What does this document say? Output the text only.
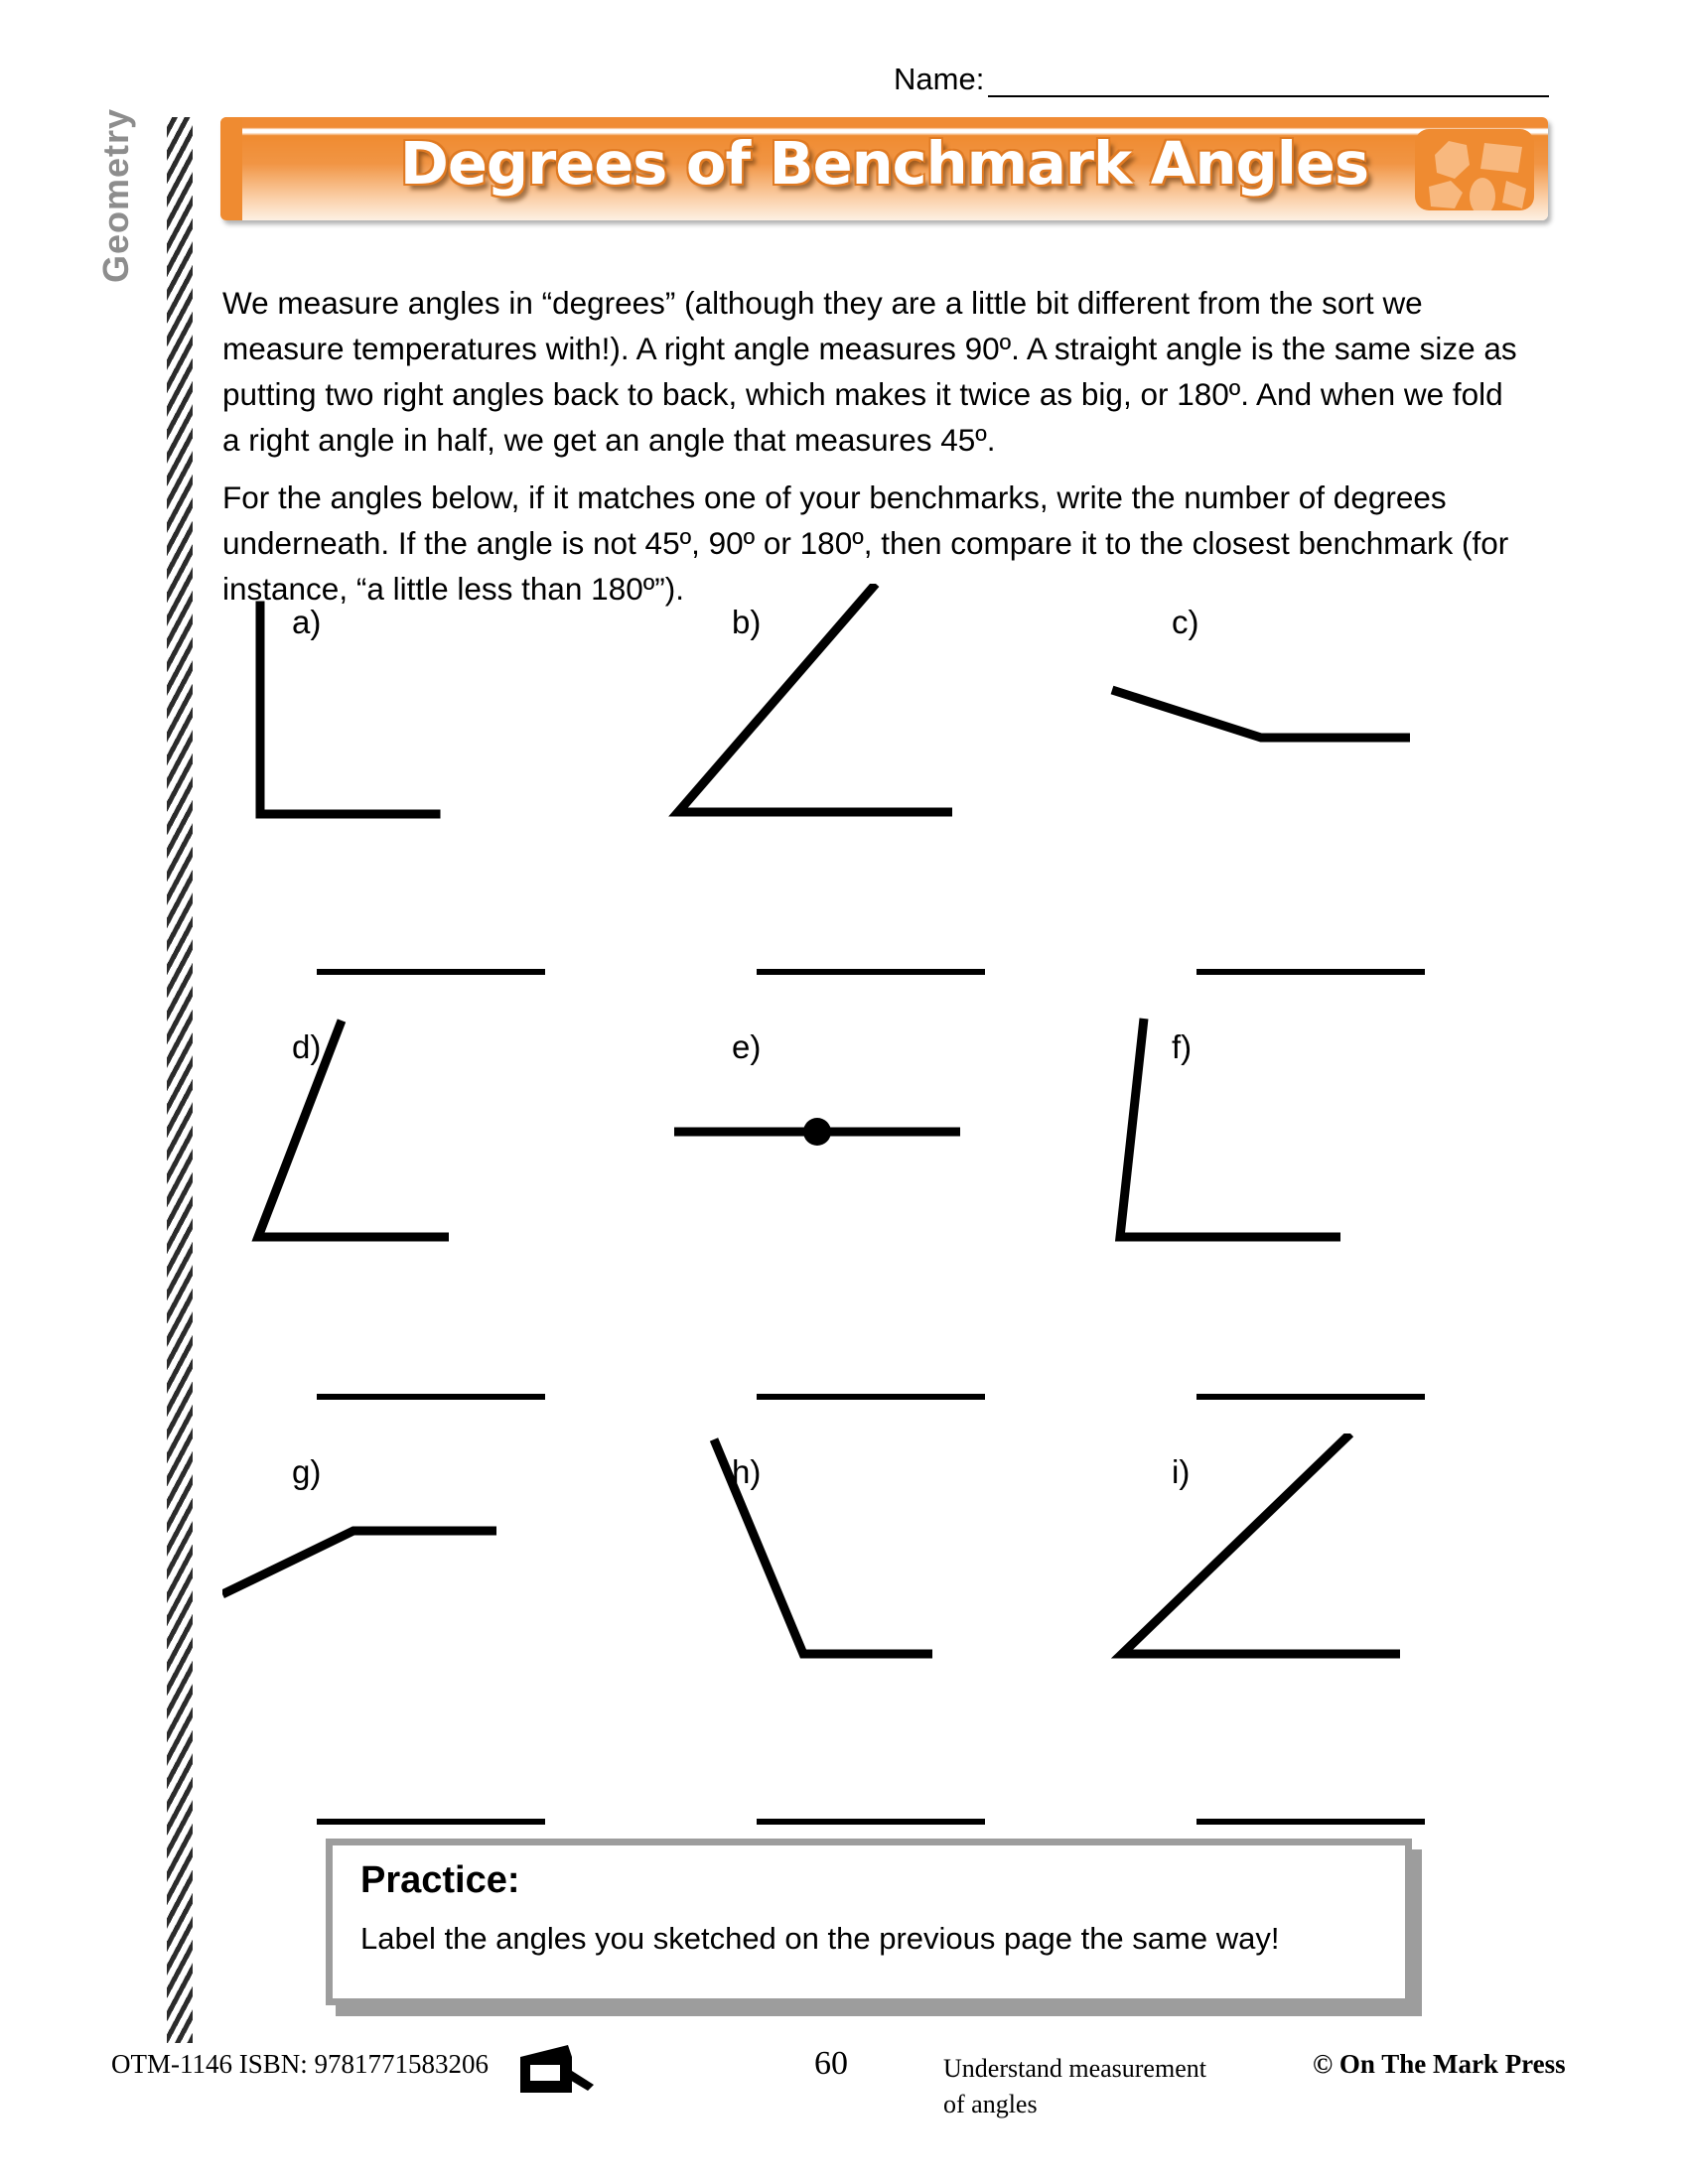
Name:
Geometry	Degrees of Benchmark Angles

We measure angles in “degrees” (although they are a little bit different from the sort we measure temperatures with!). A right angle measures 90º. A straight angle is the same size as putting two right angles back to back, which makes it twice as big, or 180º. And when we fold a right angle in half, we get an angle that measures 45º.

For the angles below, if it matches one of your benchmarks, write the number of degrees underneath. If the angle is not 45º, 90º or 180º, then compare it to the closest benchmark (for instance, “a little less than 180º”).

a)	b)	c)
d)	e)	f)
g)	h)	i)
Practice:
Label the angles you sketched on the previous page the same way!
OTM-1146 ISBN: 9781771583206	60	Understand measurement
of angles
© On The Mark Press
